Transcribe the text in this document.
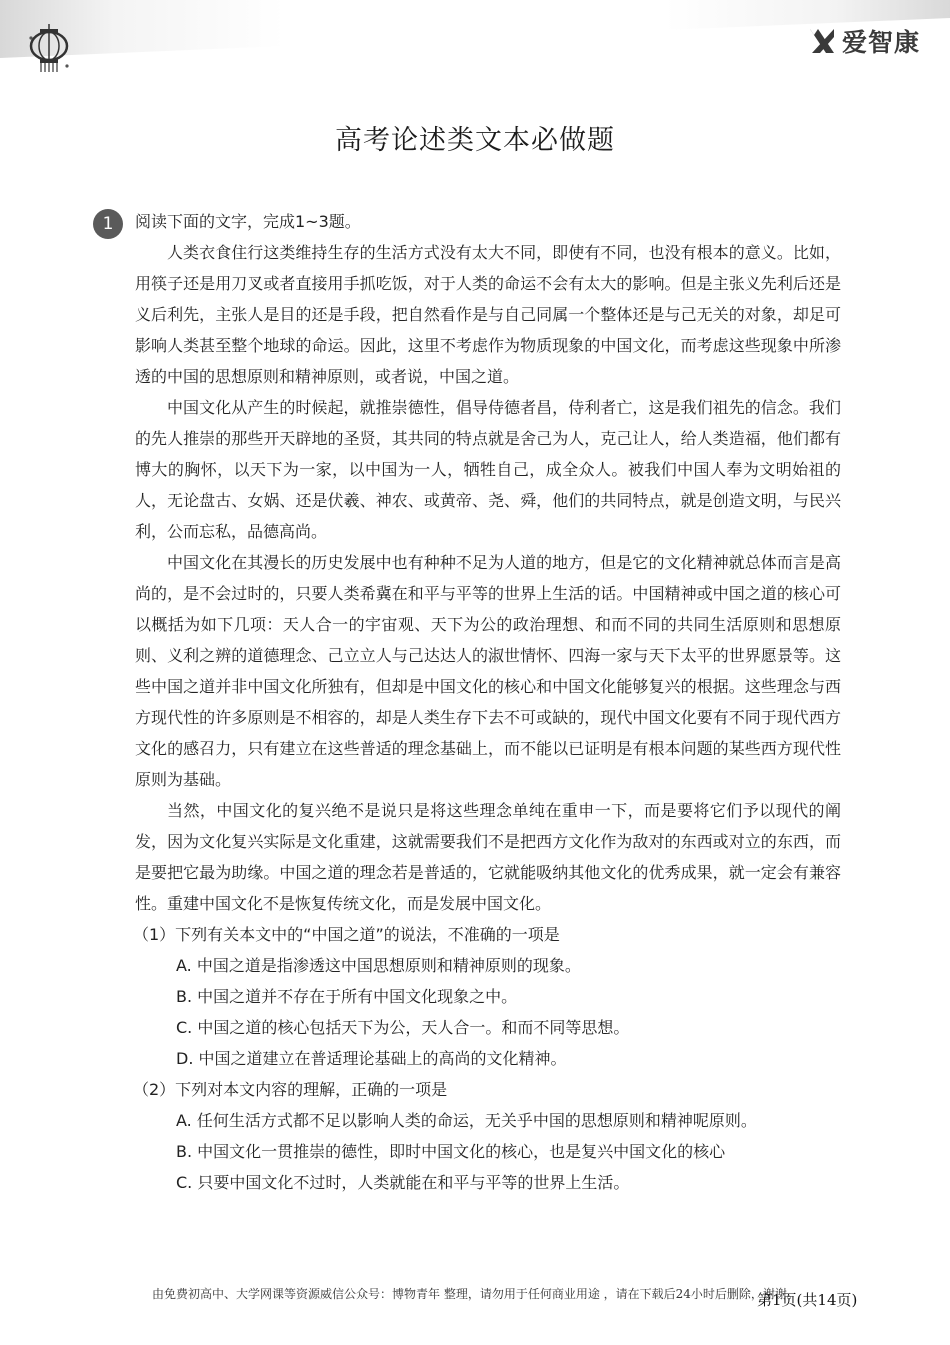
爱智康
高考论述类文本必做题
1	阅读下面的文字，完成1~3题。

人类衣食住行这类维持生存的生活方式没有太大不同，即使有不同，也没有根本的意义。比如，用筷子还是用刀叉或者直接用手抓吃饭，对于人类的命运不会有太大的影响。但是主张义先利后还是义后利先，主张人是目的还是手段，把自然看作是与自己同属一个整体还是与己无关的对象，却足可影响人类甚至整个地球的命运。因此，这里不考虑作为物质现象的中国文化，而考虑这些现象中所渗透的中国的思想原则和精神原则，或者说，中国之道。

中国文化从产生的时候起，就推崇德性，倡导侍德者昌，侍利者亡，这是我们祖先的信念。我们的先人推崇的那些开天辟地的圣贤，其共同的特点就是舍己为人，克己让人，给人类造福，他们都有博大的胸怀，以天下为一家，以中国为一人，牺牲自己，成全众人。被我们中国人奉为文明始祖的人，无论盘古、女娲、还是伏羲、神农、或黄帝、尧、舜，他们的共同特点，就是创造文明，与民兴利，公而忘私，品德高尚。

中国文化在其漫长的历史发展中也有种种不足为人道的地方，但是它的文化精神就总体而言是高尚的，是不会过时的，只要人类希冀在和平与平等的世界上生活的话。中国精神或中国之道的核心可以概括为如下几项：天人合一的宇宙观、天下为公的政治理想、和而不同的共同生活原则和思想原则、义利之辨的道德理念、己立立人与己达达人的淑世情怀、四海一家与天下太平的世界愿景等。这些中国之道并非中国文化所独有，但却是中国文化的核心和中国文化能够复兴的根据。这些理念与西方现代性的许多原则是不相容的，却是人类生存下去不可或缺的，现代中国文化要有不同于现代西方文化的感召力，只有建立在这些普适的理念基础上，而不能以已证明是有根本问题的某些西方现代性原则为基础。

当然，中国文化的复兴绝不是说只是将这些理念单纯在重申一下，而是要将它们予以现代的阐发，因为文化复兴实际是文化重建，这就需要我们不是把西方文化作为敌对的东西或对立的东西，而是要把它最为助缘。中国之道的理念若是普适的，它就能吸纳其他文化的优秀成果，就一定会有兼容性。重建中国文化不是恢复传统文化，而是发展中国文化。

（1）下列有关本文中的“中国之道”的说法，不准确的一项是

A. 中国之道是指渗透这中国思想原则和精神原则的现象。

B. 中国之道并不存在于所有中国文化现象之中。

C. 中国之道的核心包括天下为公，天人合一。和而不同等思想。

D. 中国之道建立在普适理论基础上的高尚的文化精神。

（2）下列对本文内容的理解，正确的一项是

A. 任何生活方式都不足以影响人类的命运，无关乎中国的思想原则和精神呢原则。

B. 中国文化一贯推崇的德性，即时中国文化的核心，也是复兴中国文化的核心

C. 只要中国文化不过时，人类就能在和平与平等的世界上生活。

由免费初高中、大学网课等资源威信公众号：博物青年 整理，请勿用于任何商业用途 ，请在下载后24小时后删除，谢谢。
第1页(共14页)
